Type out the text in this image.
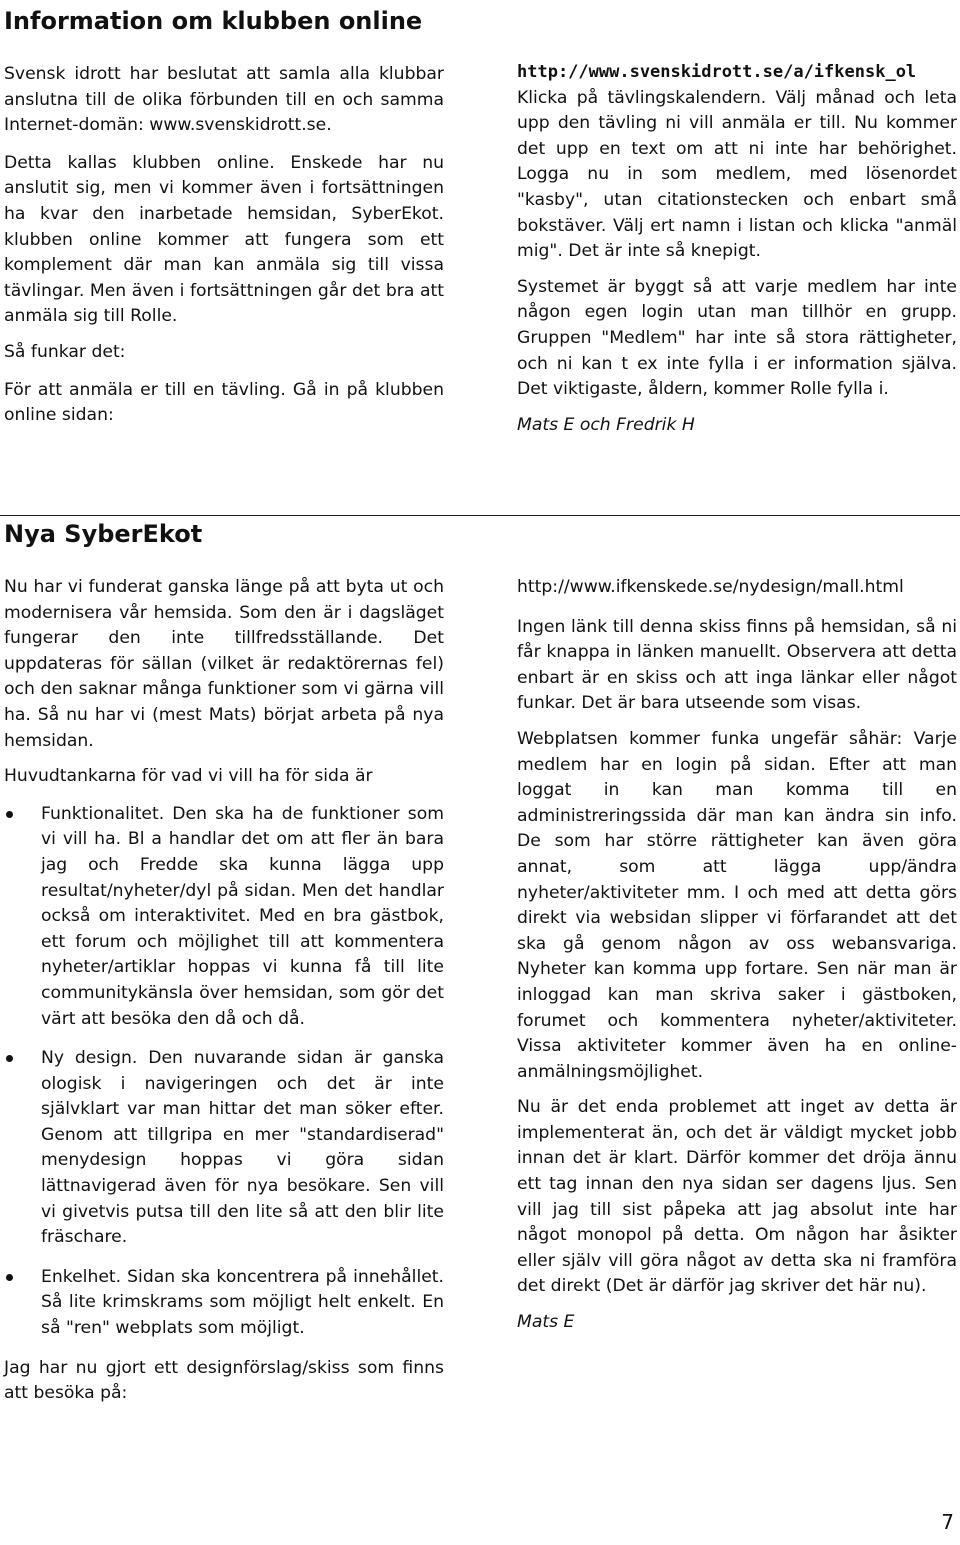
Information om klubben online

Svensk idrott har beslutat att samla alla klubbar anslutna till de olika förbunden till en och samma Internet-domän: www.svenskidrott.se.

Detta kallas klubben online. Enskede har nu anslutit sig, men vi kommer även i fortsättningen ha kvar den inarbetade hemsidan, SyberEkot. klubben online kommer att fungera som ett komplement där man kan anmäla sig till vissa tävlingar. Men även i fortsättningen går det bra att anmäla sig till Rolle.

Så funkar det:

För att anmäla er till en tävling. Gå in på klubben online sidan:

http://www.svenskidrott.se/a/ifkensk_ol

Klicka på tävlingskalendern. Välj månad och leta upp den tävling ni vill anmäla er till. Nu kommer det upp en text om att ni inte har behörighet. Logga nu in som medlem, med lösenordet "kasby", utan citationstecken och enbart små bokstäver. Välj ert namn i listan och klicka "anmäl mig". Det är inte så knepigt.

Systemet är byggt så att varje medlem har inte någon egen login utan man tillhör en grupp. Gruppen "Medlem" har inte så stora rättigheter, och ni kan t ex inte fylla i er information själva. Det viktigaste, åldern, kommer Rolle fylla i.

Mats E och Fredrik H

Nya SyberEkot

Nu har vi funderat ganska länge på att byta ut och modernisera vår hemsida. Som den är i dagsläget fungerar den inte tillfredsställande. Det uppdateras för sällan (vilket är redaktörernas fel) och den saknar många funktioner som vi gärna vill ha. Så nu har vi (mest Mats) börjat arbeta på nya hemsidan.

Huvudtankarna för vad vi vill ha för sida är

Funktionalitet. Den ska ha de funktioner som vi vill ha. Bl a handlar det om att fler än bara jag och Fredde ska kunna lägga upp resultat/nyheter/dyl på sidan. Men det handlar också om interaktivitet. Med en bra gästbok, ett forum och möjlighet till att kommentera nyheter/artiklar hoppas vi kunna få till lite communitykänsla över hemsidan, som gör det värt att besöka den då och då.
Ny design. Den nuvarande sidan är ganska ologisk i navigeringen och det är inte självklart var man hittar det man söker efter. Genom att tillgripa en mer "standardiserad" menydesign hoppas vi göra sidan lättnavigerad även för nya besökare. Sen vill vi givetvis putsa till den lite så att den blir lite fräschare.
Enkelhet. Sidan ska koncentrera på innehållet. Så lite krimskrams som möjligt helt enkelt. En så "ren" webplats som möjligt.

Jag har nu gjort ett designförslag/skiss som finns att besöka på:

http://www.ifkenskede.se/nydesign/mall.html

Ingen länk till denna skiss finns på hemsidan, så ni får knappa in länken manuellt. Observera att detta enbart är en skiss och att inga länkar eller något funkar. Det är bara utseende som visas.

Webplatsen kommer funka ungefär såhär: Varje medlem har en login på sidan. Efter att man loggat in kan man komma till en administreringssida där man kan ändra sin info. De som har större rättigheter kan även göra annat, som att lägga upp/ändra nyheter/aktiviteter mm. I och med att detta görs direkt via websidan slipper vi förfarandet att det ska gå genom någon av oss webansvariga. Nyheter kan komma upp fortare. Sen när man är inloggad kan man skriva saker i gästboken, forumet och kommentera nyheter/aktiviteter. Vissa aktiviteter kommer även ha en online-anmälningsmöjlighet.

Nu är det enda problemet att inget av detta är implementerat än, och det är väldigt mycket jobb innan det är klart. Därför kommer det dröja ännu ett tag innan den nya sidan ser dagens ljus. Sen vill jag till sist påpeka att jag absolut inte har något monopol på detta. Om någon har åsikter eller själv vill göra något av detta ska ni framföra det direkt (Det är därför jag skriver det här nu).

Mats E

7
